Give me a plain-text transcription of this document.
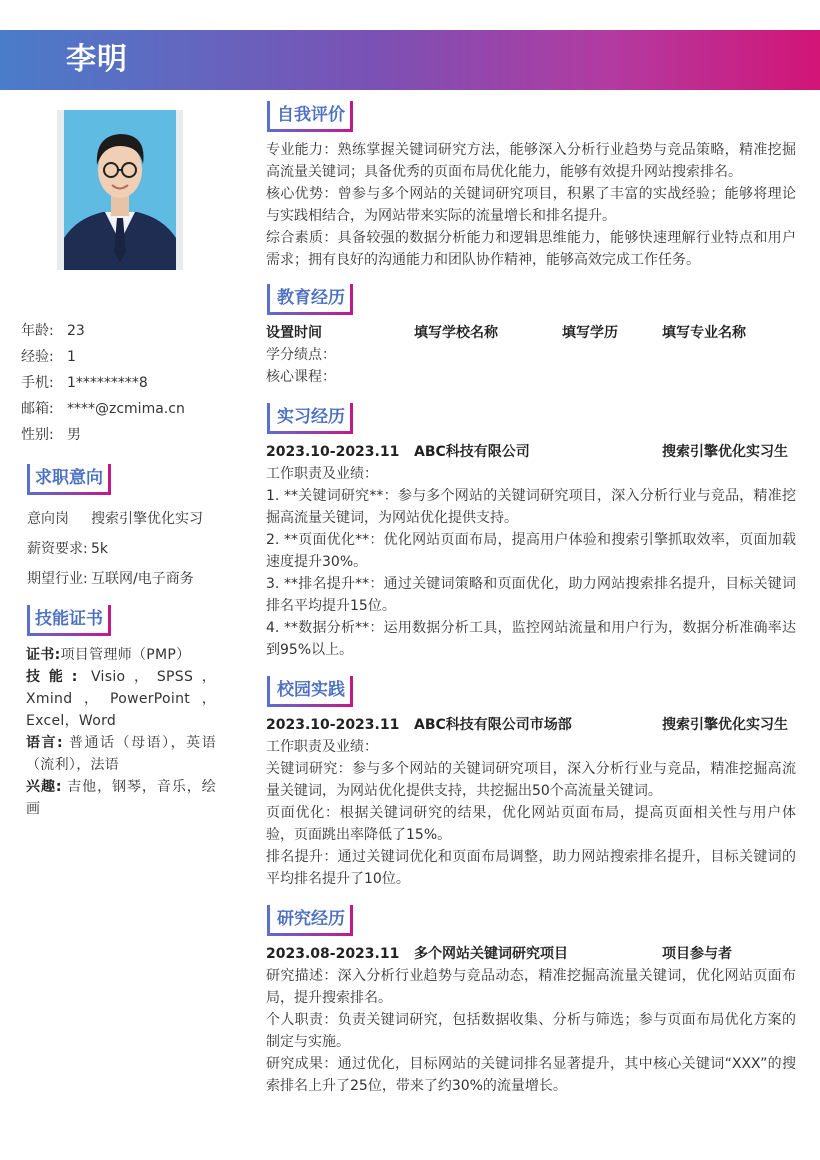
李明
年龄: 23
经验: 1
手机: 1*********8
邮箱: ****@zcmima.cn
性别: 男
求职意向
意向岗 搜索引擎优化实习
薪资要求: 5k
期望行业: 互联网/电子商务
技能证书

证书:项目管理师（PMP）

技能: Visio，SPSS，Xmind，PowerPoint，Excel，Word

语言: 普通话（母语），英语（流利），法语

兴趣: 吉他，钢琴，音乐，绘画

自我评价

专业能力：熟练掌握关键词研究方法，能够深入分析行业趋势与竞品策略，精准挖掘高流量关键词；具备优秀的页面布局优化能力，能够有效提升网站搜索排名。

核心优势：曾参与多个网站的关键词研究项目，积累了丰富的实战经验；能够将理论与实践相结合，为网站带来实际的流量增长和排名提升。

综合素质：具备较强的数据分析能力和逻辑思维能力，能够快速理解行业特点和用户需求；拥有良好的沟通能力和团队协作精神，能够高效完成工作任务。

教育经历
设置时间	填写学校名称	填写学历	填写专业名称

学分绩点：

核心课程：

实习经历
2023.10-2023.11 ABC科技有限公司	搜索引擎优化实习生

工作职责及业绩：

1. **关键词研究**：参与多个网站的关键词研究项目，深入分析行业与竞品，精准挖掘高流量关键词，为网站优化提供支持。

2. **页面优化**：优化网站页面布局，提高用户体验和搜索引擎抓取效率，页面加载速度提升30%。

3. **排名提升**：通过关键词策略和页面优化，助力网站搜索排名提升，目标关键词排名平均提升15位。

4. **数据分析**：运用数据分析工具，监控网站流量和用户行为，数据分析准确率达到95%以上。

校园实践
2023.10-2023.11 ABC科技有限公司市场部	搜索引擎优化实习生

工作职责及业绩：

关键词研究：参与多个网站的关键词研究项目，深入分析行业与竞品，精准挖掘高流量关键词，为网站优化提供支持，共挖掘出50个高流量关键词。

页面优化：根据关键词研究的结果，优化网站页面布局，提高页面相关性与用户体验，页面跳出率降低了15%。

排名提升：通过关键词优化和页面布局调整，助力网站搜索排名提升，目标关键词的平均排名提升了10位。

研究经历
2023.08-2023.11 多个网站关键词研究项目	项目参与者

研究描述：深入分析行业趋势与竞品动态，精准挖掘高流量关键词，优化网站页面布局，提升搜索排名。

个人职责：负责关键词研究，包括数据收集、分析与筛选；参与页面布局优化方案的制定与实施。

研究成果：通过优化，目标网站的关键词排名显著提升，其中核心关键词“XXX”的搜索排名上升了25位，带来了约30%的流量增长。
